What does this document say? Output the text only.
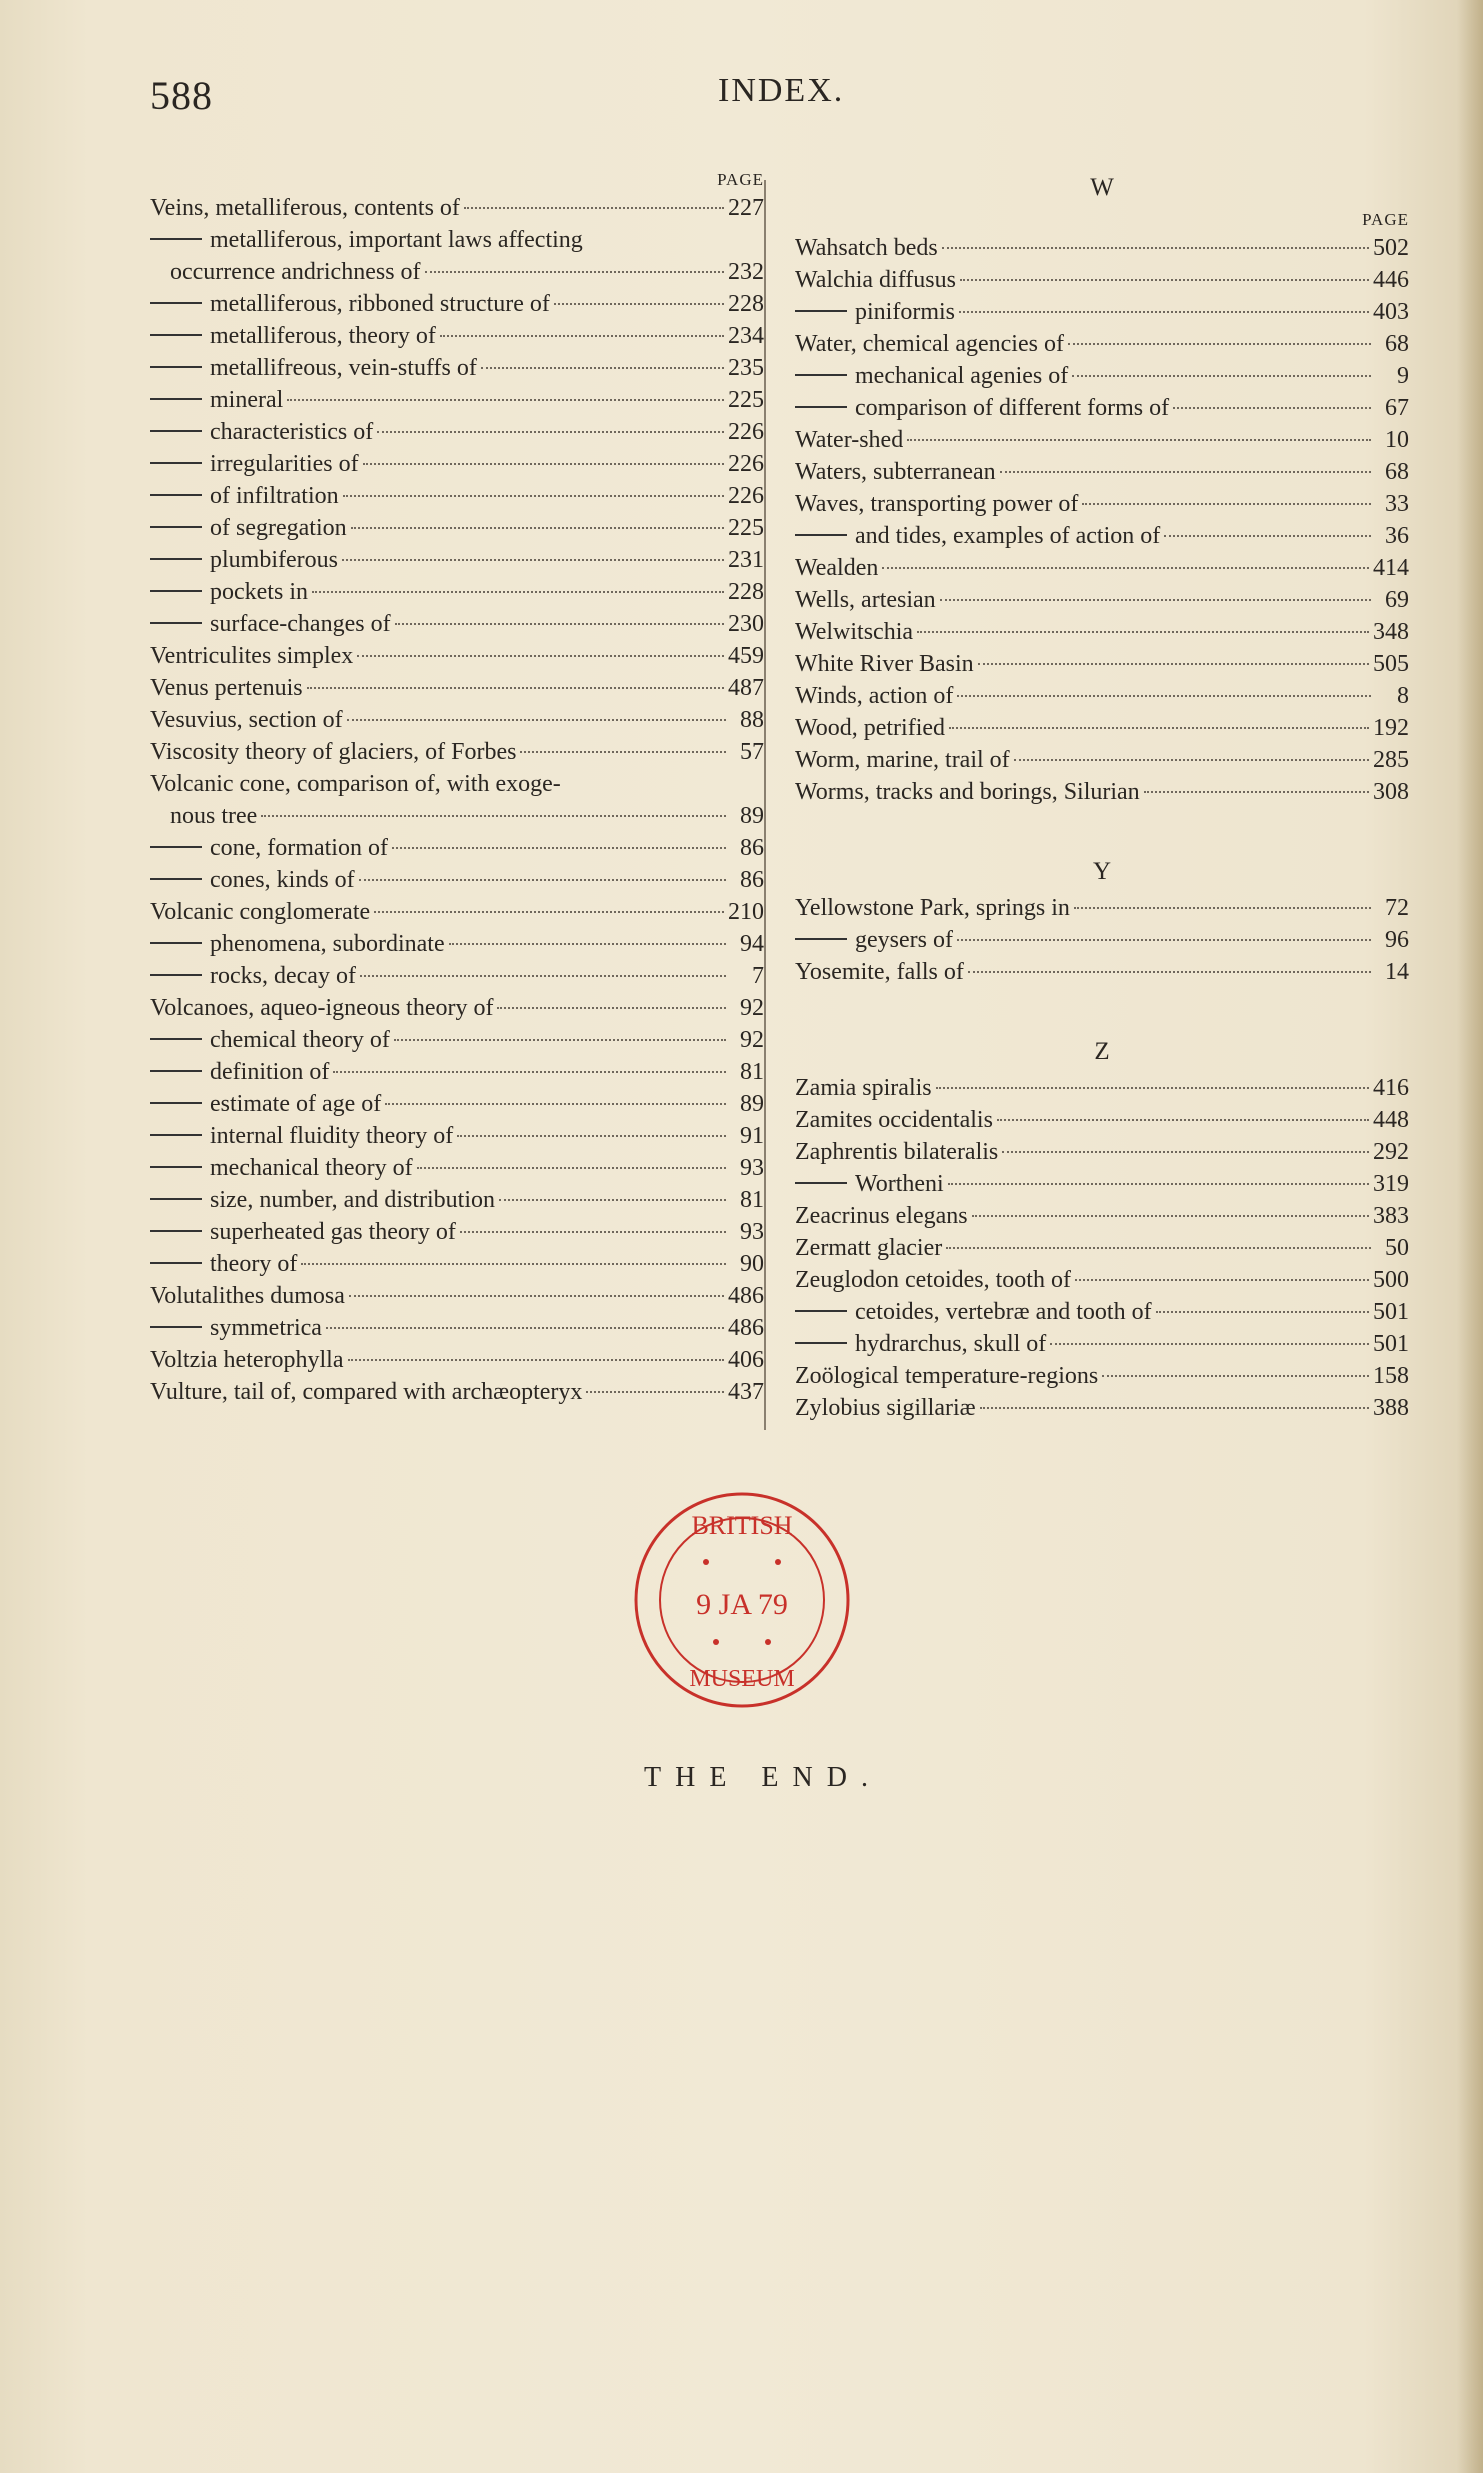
588	INDEX.
PAGE
Veins, metalliferous, contents of	227
metalliferous, important laws affecting
occurrence andrichness of	232
metalliferous, ribboned structure of	228
metalliferous, theory of	234
metallifreous, vein-stuffs of	235
mineral	225
characteristics of	226
irregularities of	226
of infiltration	226
of segregation	225
plumbiferous	231
pockets in	228
surface-changes of	230
Ventriculites simplex	459
Venus pertenuis	487
Vesuvius, section of	88
Viscosity theory of glaciers, of Forbes	57
Volcanic cone, comparison of, with exoge-
nous tree	89
cone, formation of	86
cones, kinds of	86
Volcanic conglomerate	210
phenomena, subordinate	94
rocks, decay of	7
Volcanoes, aqueo-igneous theory of	92
chemical theory of	92
definition of	81
estimate of age of	89
internal fluidity theory of	91
mechanical theory of	93
size, number, and distribution	81
superheated gas theory of	93
theory of	90
Volutalithes dumosa	486
symmetrica	486
Voltzia heterophylla	406
Vulture, tail of, compared with archæopteryx	437
W
PAGE
Wahsatch beds	502
Walchia diffusus	446
piniformis	403
Water, chemical agencies of	68
mechanical agenies of	9
comparison of different forms of	67
Water-shed	10
Waters, subterranean	68
Waves, transporting power of	33
and tides, examples of action of	36
Wealden	414
Wells, artesian	69
Welwitschia	348
White River Basin	505
Winds, action of	8
Wood, petrified	192
Worm, marine, trail of	285
Worms, tracks and borings, Silurian	308
Y
Yellowstone Park, springs in	72
geysers of	96
Yosemite, falls of	14
Z
Zamia spiralis	416
Zamites occidentalis	448
Zaphrentis bilateralis	292
Wortheni	319
Zeacrinus elegans	383
Zermatt glacier	50
Zeuglodon cetoides, tooth of	500
cetoides, vertebræ and tooth of	501
hydrarchus, skull of	501
Zoölogical temperature-regions	158
Zylobius sigillariæ	388
BRITISH
9 JA 79
MUSEUM
THE END.
